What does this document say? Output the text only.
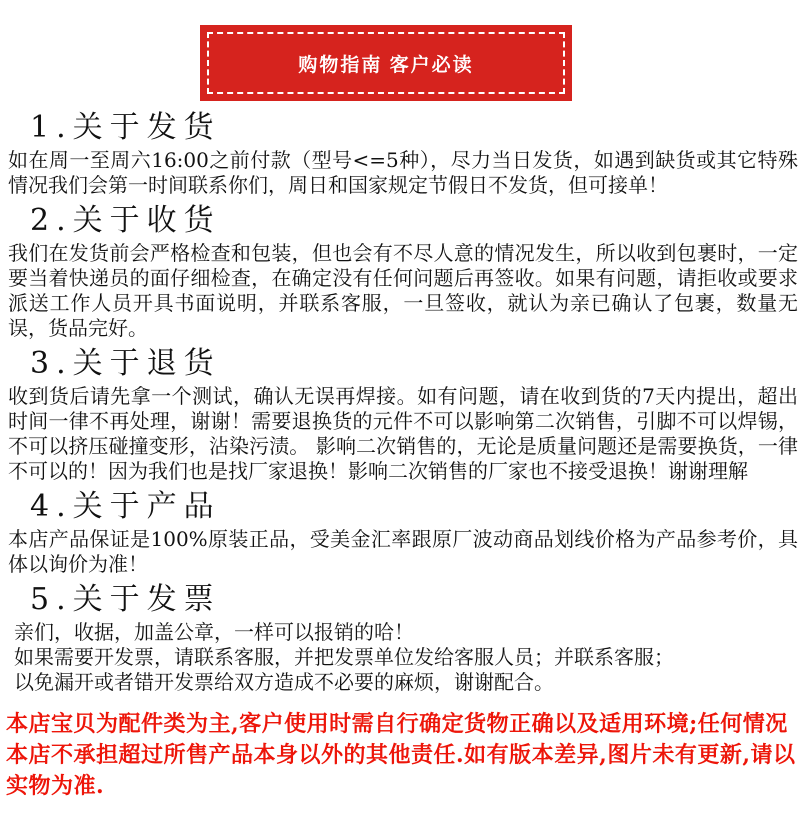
购物指南 客户必读
1.关于发货

如在周一至周六16:00之前付款（型号<=5种），尽力当日发货，如遇到缺货或其它特殊情况我们会第一时间联系你们，周日和国家规定节假日不发货，但可接单！

2.关于收货

我们在发货前会严格检查和包装，但也会有不尽人意的情况发生，所以收到包裹时，一定要当着快递员的面仔细检查，在确定没有任何问题后再签收。如果有问题，请拒收或要求派送工作人员开具书面说明，并联系客服，一旦签收，就认为亲已确认了包裹，数量无误，货品完好。

3.关于退货

收到货后请先拿一个测试，确认无误再焊接。如有问题，请在收到货的7天内提出，超出时间一律不再处理，谢谢！需要退换货的元件不可以影响第二次销售，引脚不可以焊锡，不可以挤压碰撞变形，沾染污渍。 影响二次销售的，无论是质量问题还是需要换货，一律不可以的！因为我们也是找厂家退换！影响二次销售的厂家也不接受退换！谢谢理解

4.关于产品

本店产品保证是100%原装正品，受美金汇率跟原厂波动商品划线价格为产品参考价，具体以询价为准！

5.关于发票

亲们，收据，加盖公章，一样可以报销的哈！

如果需要开发票，请联系客服，并把发票单位发给客服人员；并联系客服；

以免漏开或者错开发票给双方造成不必要的麻烦，谢谢配合。

本店宝贝为配件类为主,客户使用时需自行确定货物正确以及适用环境;任何情况本店不承担超过所售产品本身以外的其他责任.如有版本差异,图片未有更新,请以实物为准.
